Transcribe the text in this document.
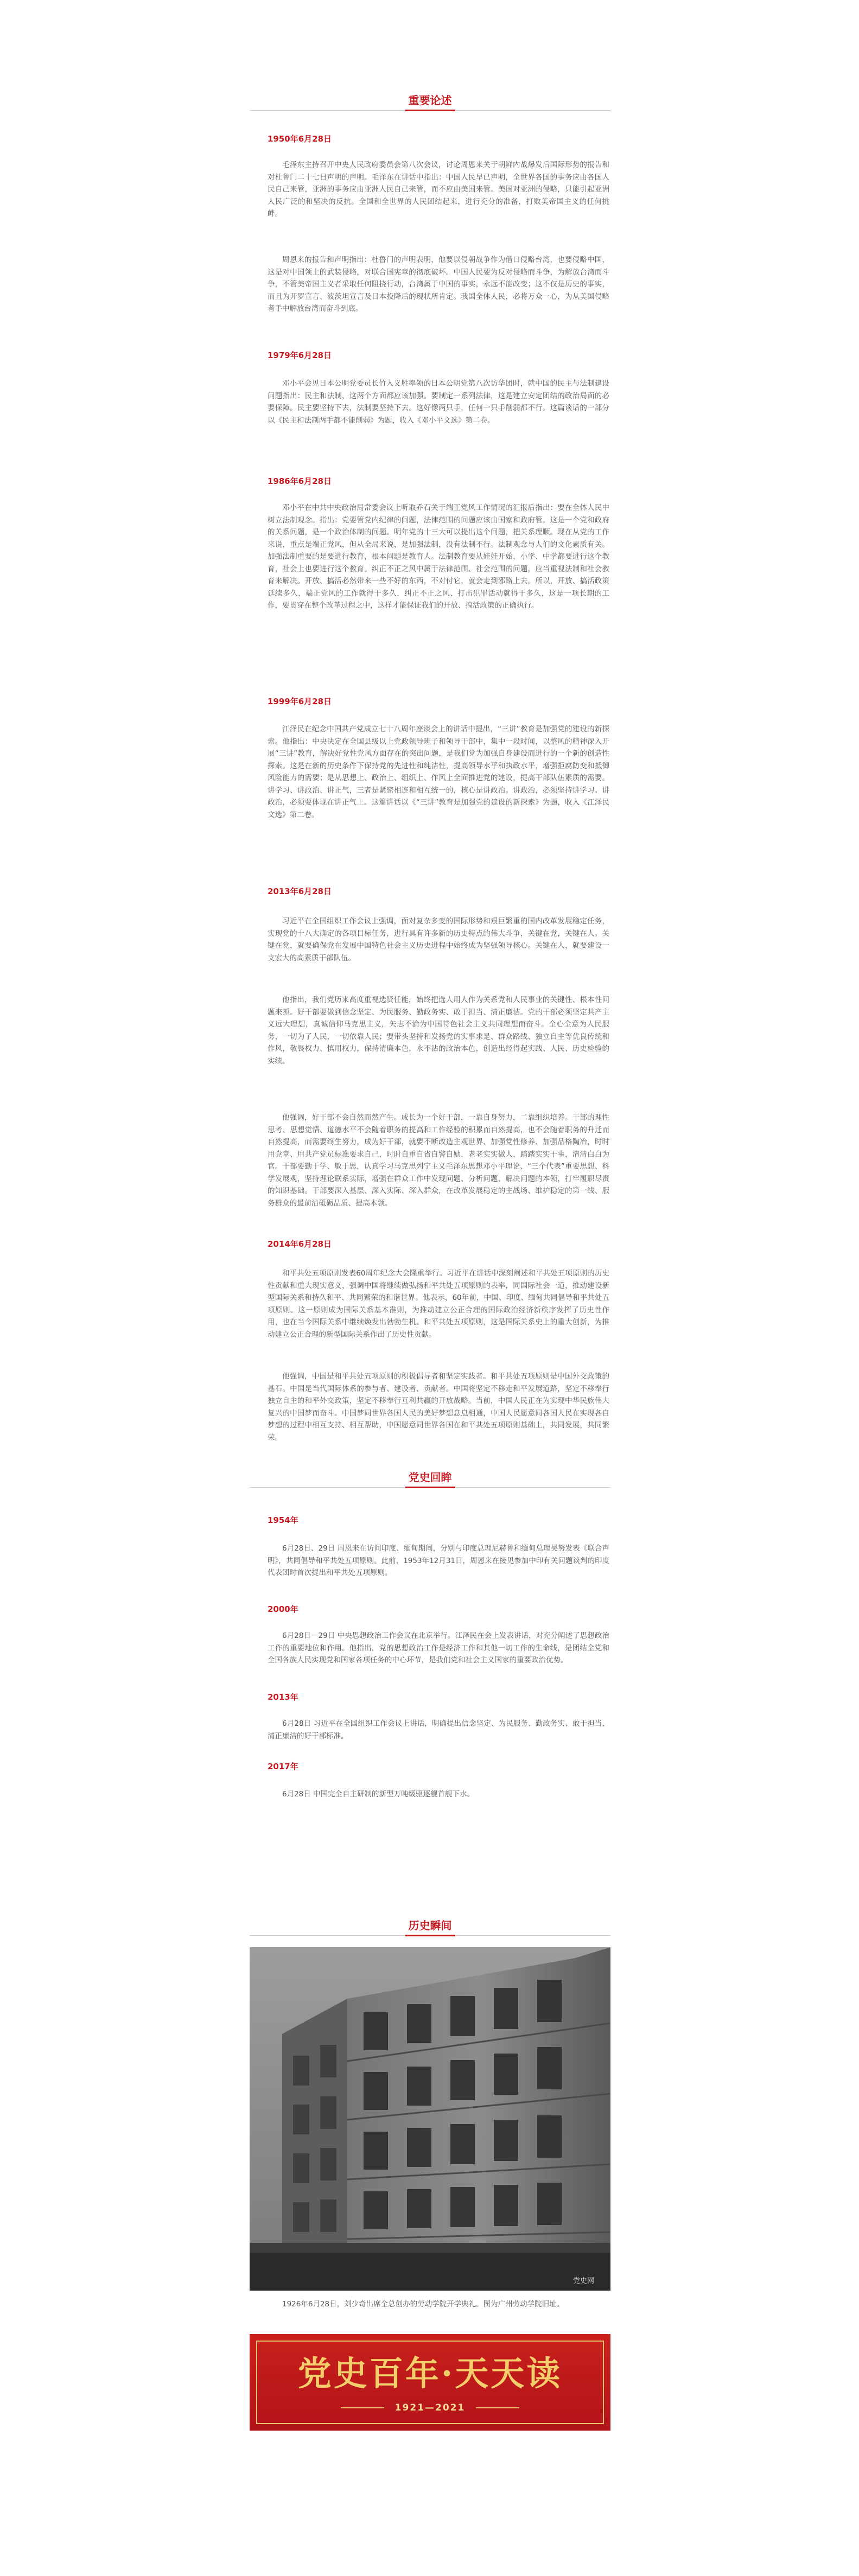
重要论述
1950年6月28日

毛泽东主持召开中央人民政府委员会第八次会议，讨论周恩来关于朝鲜内战爆发后国际形势的报告和对杜鲁门二十七日声明的声明。毛泽东在讲话中指出：中国人民早已声明，全世界各国的事务应由各国人民自己来管，亚洲的事务应由亚洲人民自己来管，而不应由美国来管。美国对亚洲的侵略，只能引起亚洲人民广泛的和坚决的反抗。全国和全世界的人民团结起来，进行充分的准备，打败美帝国主义的任何挑衅。

周恩来的报告和声明指出：杜鲁门的声明表明，他要以侵朝战争作为借口侵略台湾，也要侵略中国，这是对中国领土的武装侵略，对联合国宪章的彻底破坏。中国人民要为反对侵略而斗争，为解放台湾而斗争，不管美帝国主义者采取任何阻挠行动，台湾属于中国的事实，永远不能改变；这不仅是历史的事实，而且为开罗宣言、波茨坦宣言及日本投降后的现状所肯定。我国全体人民，必将万众一心，为从美国侵略者手中解放台湾而奋斗到底。

1979年6月28日

邓小平会见日本公明党委员长竹入义胜率领的日本公明党第八次访华团时，就中国的民主与法制建设问题指出：民主和法制，这两个方面都应该加强。要制定一系列法律，这是建立安定团结的政治局面的必要保障。民主要坚持下去，法制要坚持下去。这好像两只手，任何一只手削弱都不行。这篇谈话的一部分以《民主和法制两手都不能削弱》为题，收入《邓小平文选》第二卷。

1986年6月28日

邓小平在中共中央政治局常委会议上听取乔石关于端正党风工作情况的汇报后指出：要在全体人民中树立法制观念。指出：党要管党内纪律的问题，法律范围的问题应该由国家和政府管。这是一个党和政府的关系问题，是一个政治体制的问题。明年党的十三大可以提出这个问题，把关系理顺。现在从党的工作来说，重点是端正党风，但从全局来说，是加强法制，没有法制不行。法制观念与人们的文化素质有关。加强法制重要的是要进行教育，根本问题是教育人。法制教育要从娃娃开始，小学、中学都要进行这个教育，社会上也要进行这个教育。纠正不正之风中属于法律范围、社会范围的问题，应当重视法制和社会教育来解决。开放、搞活必然带来一些不好的东西，不对付它，就会走到邪路上去。所以，开放、搞活政策延续多久，端正党风的工作就得干多久，纠正不正之风、打击犯罪活动就得干多久，这是一项长期的工作，要贯穿在整个改革过程之中，这样才能保证我们的开放、搞活政策的正确执行。

1999年6月28日

江泽民在纪念中国共产党成立七十八周年座谈会上的讲话中提出，“三讲”教育是加强党的建设的新探索。他指出：中央决定在全国县级以上党政领导班子和领导干部中，集中一段时间，以整风的精神深入开展“三讲”教育，解决好党性党风方面存在的突出问题，是我们党为加强自身建设而进行的一个新的创造性探索。这是在新的历史条件下保持党的先进性和纯洁性，提高领导水平和执政水平，增强拒腐防变和抵御风险能力的需要；是从思想上、政治上、组织上、作风上全面推进党的建设，提高干部队伍素质的需要。讲学习、讲政治、讲正气，三者是紧密相连和相互统一的，核心是讲政治。讲政治，必须坚持讲学习。讲政治，必须要体现在讲正气上。这篇讲话以《“三讲”教育是加强党的建设的新探索》为题，收入《江泽民文选》第二卷。

2013年6月28日

习近平在全国组织工作会议上强调，面对复杂多变的国际形势和艰巨繁重的国内改革发展稳定任务，实现党的十八大确定的各项目标任务，进行具有许多新的历史特点的伟大斗争，关键在党，关键在人。关键在党，就要确保党在发展中国特色社会主义历史进程中始终成为坚强领导核心。关键在人，就要建设一支宏大的高素质干部队伍。

他指出，我们党历来高度重视选贤任能，始终把选人用人作为关系党和人民事业的关键性、根本性问题来抓。好干部要做到信念坚定、为民服务、勤政务实、敢于担当、清正廉洁。党的干部必须坚定共产主义远大理想，真诚信仰马克思主义，矢志不渝为中国特色社会主义共同理想而奋斗。全心全意为人民服务，一切为了人民，一切依靠人民；要带头坚持和发扬党的实事求是、群众路线、独立自主等优良传统和作风，敬畏权力、慎用权力，保持清廉本色，永不沾的政治本色，创造出经得起实践、人民、历史检验的实绩。

他强调，好干部不会自然而然产生。成长为一个好干部，一靠自身努力，二靠组织培养。干部的理性思考、思想觉悟、道德水平不会随着职务的提高和工作经验的积累而自然提高，也不会随着职务的升迁而自然提高，而需要终生努力，成为好干部，就要不断改造主观世界、加强党性修养、加强品格陶冶，时时用党章、用共产党员标准要求自己，时时自重自省自警自励，老老实实做人，踏踏实实干事，清清白白为官。干部要勤于学、敏于思，认真学习马克思列宁主义毛泽东思想邓小平理论、“三个代表”重要思想、科学发展观，坚持理论联系实际，增强在群众工作中发现问题、分析问题、解决问题的本领，打牢履职尽责的知识基础。干部要深入基层、深入实际、深入群众，在改革发展稳定的主战场、维护稳定的第一线、服务群众的最前沿砥砺品质、提高本领。

2014年6月28日

和平共处五项原则发表60周年纪念大会隆重举行。习近平在讲话中深刻阐述和平共处五项原则的历史性贡献和重大现实意义，强调中国将继续做弘扬和平共处五项原则的表率，同国际社会一道，推动建设新型国际关系和持久和平、共同繁荣的和谐世界。他表示，60年前，中国、印度、缅甸共同倡导和平共处五项原则。这一原则成为国际关系基本准则，为推动建立公正合理的国际政治经济新秩序发挥了历史性作用，也在当今国际关系中继续焕发出勃勃生机。和平共处五项原则，这是国际关系史上的重大创新，为推动建立公正合理的新型国际关系作出了历史性贡献。

他强调，中国是和平共处五项原则的积极倡导者和坚定实践者。和平共处五项原则是中国外交政策的基石。中国是当代国际体系的参与者、建设者、贡献者。中国将坚定不移走和平发展道路，坚定不移奉行独立自主的和平外交政策，坚定不移奉行互利共赢的开放战略。当前，中国人民正在为实现中华民族伟大复兴的中国梦而奋斗。中国梦同世界各国人民的美好梦想息息相通，中国人民愿意同各国人民在实现各自梦想的过程中相互支持、相互帮助，中国愿意同世界各国在和平共处五项原则基础上，共同发展，共同繁荣。

党史回眸
1954年

6月28日、29日 周恩来在访问印度、缅甸期间，分别与印度总理尼赫鲁和缅甸总理吴努发表《联合声明》，共同倡导和平共处五项原则。此前，1953年12月31日，周恩来在接见参加中印有关问题谈判的印度代表团时首次提出和平共处五项原则。

2000年

6月28日－29日 中央思想政治工作会议在北京举行。江泽民在会上发表讲话，对充分阐述了思想政治工作的重要地位和作用。他指出，党的思想政治工作是经济工作和其他一切工作的生命线，是团结全党和全国各族人民实现党和国家各项任务的中心环节，是我们党和社会主义国家的重要政治优势。

2013年

6月28日 习近平在全国组织工作会议上讲话，明确提出信念坚定、为民服务、勤政务实、敢于担当、清正廉洁的好干部标准。

2017年

6月28日 中国完全自主研制的新型万吨级驱逐舰首舰下水。

历史瞬间
党史网
1926年6月28日，刘少奇出席全总创办的劳动学院开学典礼。图为广州劳动学院旧址。
党史百年·天天读
1921—2021
